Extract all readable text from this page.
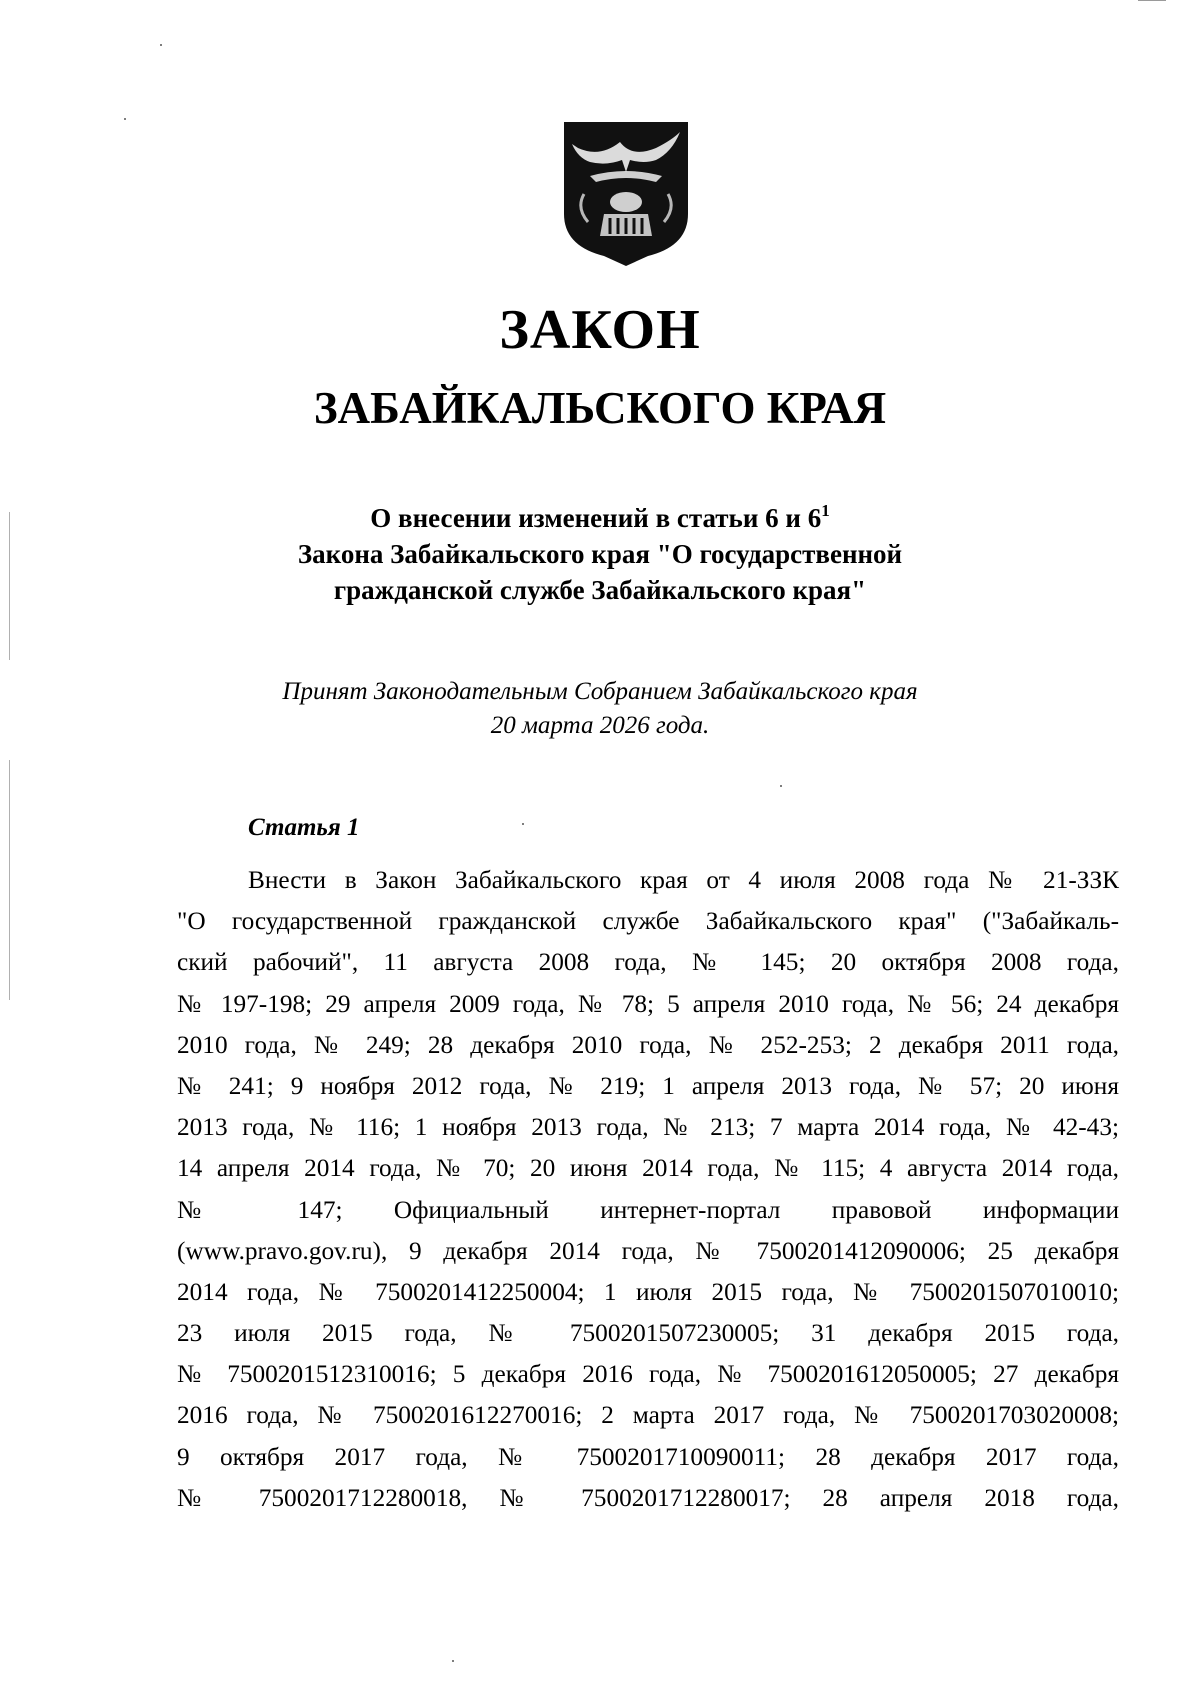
ЗАКОН
ЗАБАЙКАЛЬСКОГО КРАЯ
О внесении изменений в статьи 6 и $6^1$
Закона Забайкальского края "О государственной
гражданской службе Забайкальского края"
Принят Законодательным Собранием Забайкальского края
20 марта 2026 года.
Статья 1
Внести в Закон Забайкальского края от 4 июля 2008 года № 21-ЗЗК
"О государственной гражданской службе Забайкальского края" ("Забайкаль-
ский рабочий", 11 августа 2008 года, № 145; 20 октября 2008 года,
№ 197-198; 29 апреля 2009 года, № 78; 5 апреля 2010 года, № 56; 24 декабря
2010 года, № 249; 28 декабря 2010 года, № 252-253; 2 декабря 2011 года,
№ 241; 9 ноября 2012 года, № 219; 1 апреля 2013 года, № 57; 20 июня
2013 года, № 116; 1 ноября 2013 года, № 213; 7 марта 2014 года, № 42-43;
14 апреля 2014 года, № 70; 20 июня 2014 года, № 115; 4 августа 2014 года,
№ 147; Официальный интернет-портал правовой информации
(www.pravo.gov.ru), 9 декабря 2014 года, № 7500201412090006; 25 декабря
2014 года, № 7500201412250004; 1 июля 2015 года, № 7500201507010010;
23 июля 2015 года, № 7500201507230005; 31 декабря 2015 года,
№ 7500201512310016; 5 декабря 2016 года, № 7500201612050005; 27 декабря
2016 года, № 7500201612270016; 2 марта 2017 года, № 7500201703020008;
9 октября 2017 года, № 7500201710090011; 28 декабря 2017 года,
№ 7500201712280018, № 7500201712280017; 28 апреля 2018 года,
